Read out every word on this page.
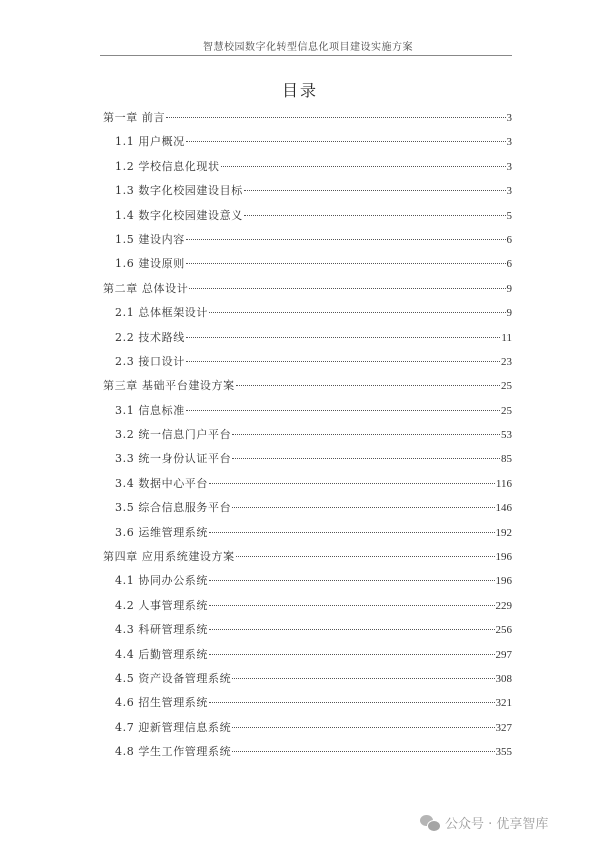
智慧校园数字化转型信息化项目建设实施方案
目录
第一章 前言	3
1.1 用户概况	3
1.2 学校信息化现状	3
1.3 数字化校园建设目标	3
1.4 数字化校园建设意义	5
1.5 建设内容	6
1.6 建设原则	6
第二章 总体设计	9
2.1 总体框架设计	9
2.2 技术路线	11
2.3 接口设计	23
第三章 基础平台建设方案	25
3.1 信息标准	25
3.2 统一信息门户平台	53
3.3 统一身份认证平台	85
3.4 数据中心平台	116
3.5 综合信息服务平台	146
3.6 运维管理系统	192
第四章 应用系统建设方案	196
4.1 协同办公系统	196
4.2 人事管理系统	229
4.3 科研管理系统	256
4.4 后勤管理系统	297
4.5 资产设备管理系统	308
4.6 招生管理系统	321
4.7 迎新管理信息系统	327
4.8 学生工作管理系统	355
公众号 · 优享智库
